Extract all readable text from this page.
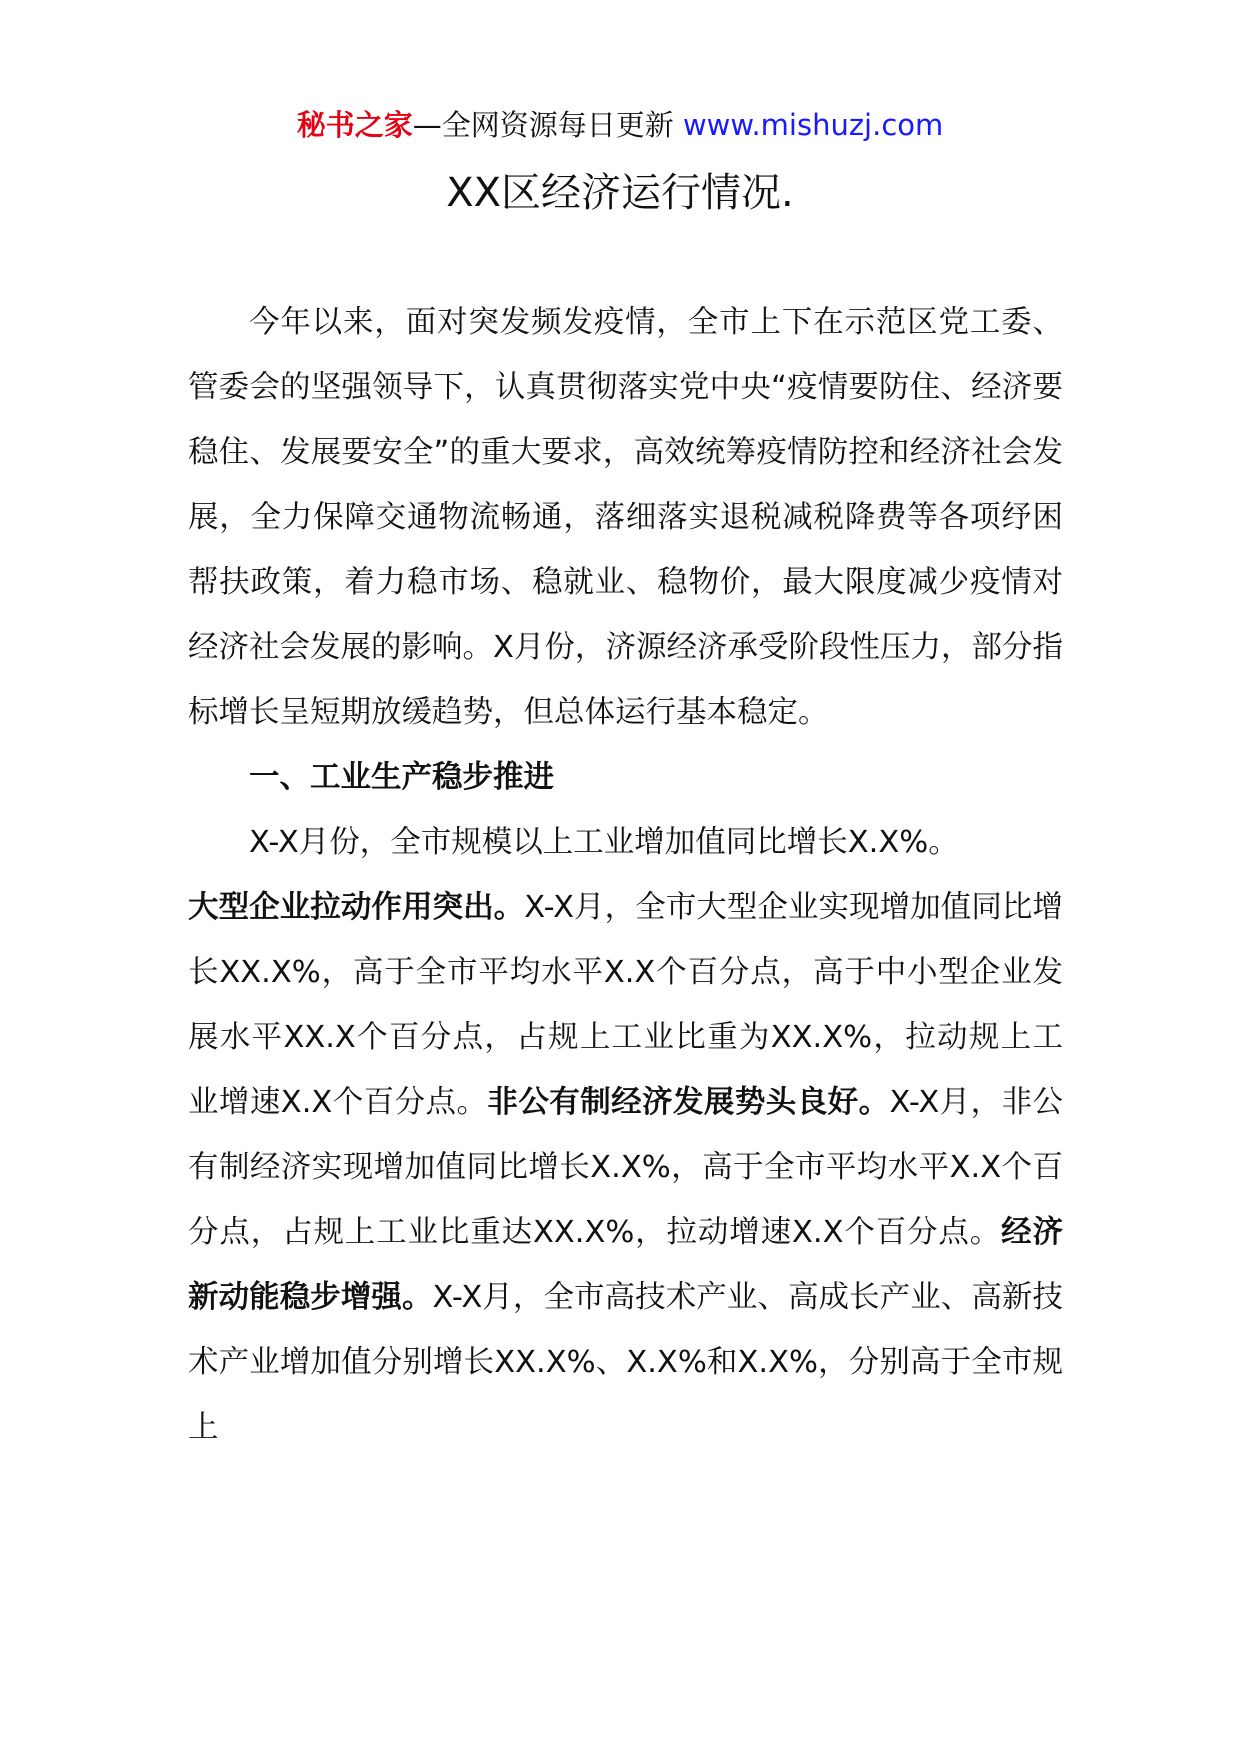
秘书之家—全网资源每日更新 www.mishuzj.com
XX区经济运行情况.

今年以来，面对突发频发疫情，全市上下在示范区党工委、管委会的坚强领导下，认真贯彻落实党中央“疫情要防住、经济要稳住、发展要安全”的重大要求，高效统筹疫情防控和经济社会发展，全力保障交通物流畅通，落细落实退税减税降费等各项纾困帮扶政策，着力稳市场、稳就业、稳物价，最大限度减少疫情对经济社会发展的影响。X月份，济源经济承受阶段性压力，部分指标增长呈短期放缓趋势，但总体运行基本稳定。

一、工业生产稳步推进

X-X月份，全市规模以上工业增加值同比增长X.X%。

大型企业拉动作用突出。X-X月，全市大型企业实现增加值同比增长XX.X%，高于全市平均水平X.X个百分点，高于中小型企业发展水平XX.X个百分点，占规上工业比重为XX.X%，拉动规上工业增速X.X个百分点。非公有制经济发展势头良好。X-X月，非公有制经济实现增加值同比增长X.X%，高于全市平均水平X.X个百分点，占规上工业比重达XX.X%，拉动增速X.X个百分点。经济新动能稳步增强。X-X月，全市高技术产业、高成长产业、高新技术产业增加值分别增长XX.X%、X.X%和X.X%，分别高于全市规上
